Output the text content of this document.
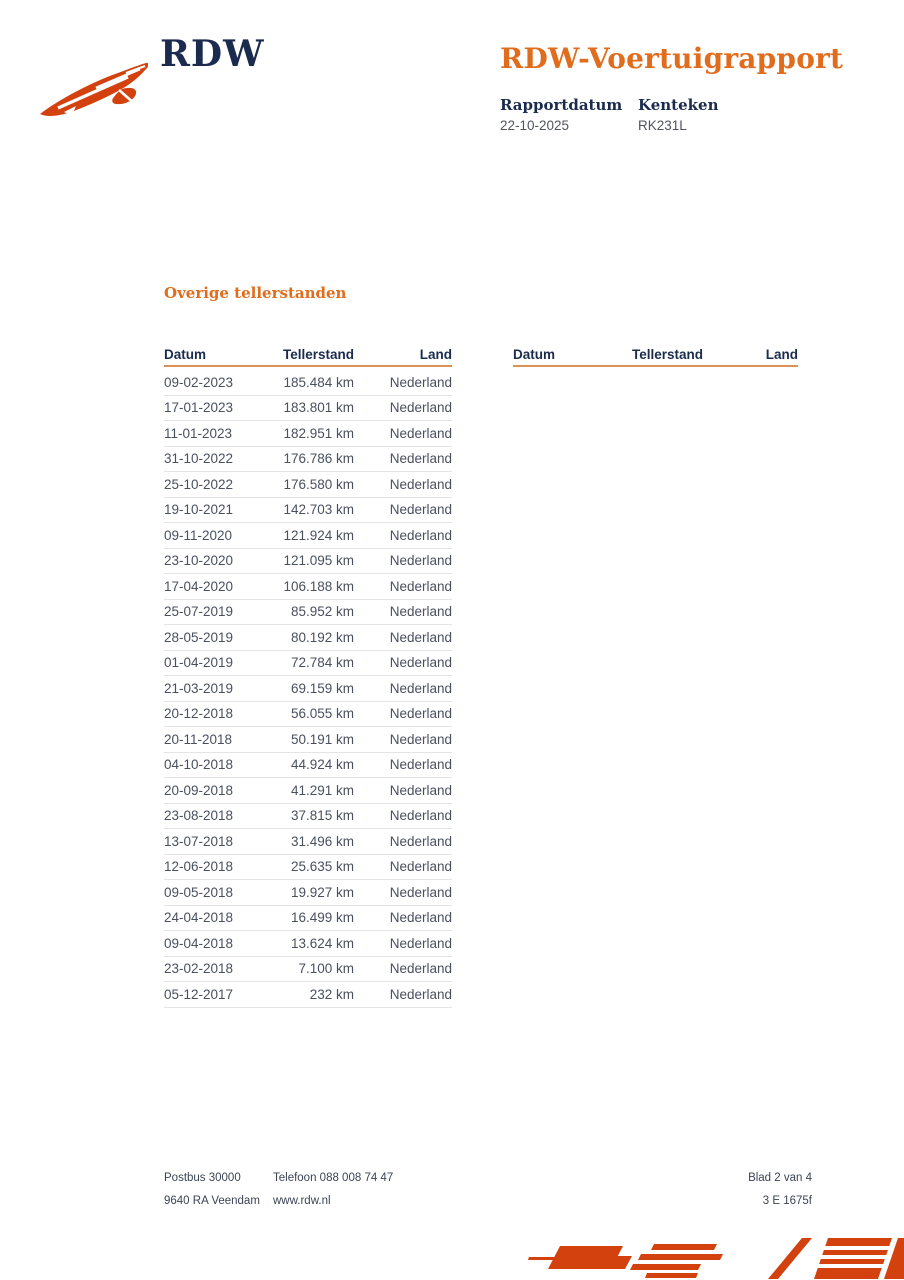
RDW	RDW-Voertuigrapport
Rapportdatum Kenteken
22-10-2025	RK231L
Overige tellerstanden
Datum	Tellerstand	Land
09-02-2023	185.484 km	Nederland
17-01-2023	183.801 km	Nederland
11-01-2023	182.951 km	Nederland
31-10-2022	176.786 km	Nederland
25-10-2022	176.580 km	Nederland
19-10-2021	142.703 km	Nederland
09-11-2020	121.924 km	Nederland
23-10-2020	121.095 km	Nederland
17-04-2020	106.188 km	Nederland
25-07-2019	85.952 km	Nederland
28-05-2019	80.192 km	Nederland
01-04-2019	72.784 km	Nederland
21-03-2019	69.159 km	Nederland
20-12-2018	56.055 km	Nederland
20-11-2018	50.191 km	Nederland
04-10-2018	44.924 km	Nederland
20-09-2018	41.291 km	Nederland
23-08-2018	37.815 km	Nederland
13-07-2018	31.496 km	Nederland
12-06-2018	25.635 km	Nederland
09-05-2018	19.927 km	Nederland
24-04-2018	16.499 km	Nederland
09-04-2018	13.624 km	Nederland
23-02-2018	7.100 km	Nederland
05-12-2017	232 km	Nederland
Datum	Tellerstand	Land
Postbus 30000
9640 RA Veendam
Telefoon 088 008 74 47
www.rdw.nl
Blad 2 van 4
3 E 1675f
